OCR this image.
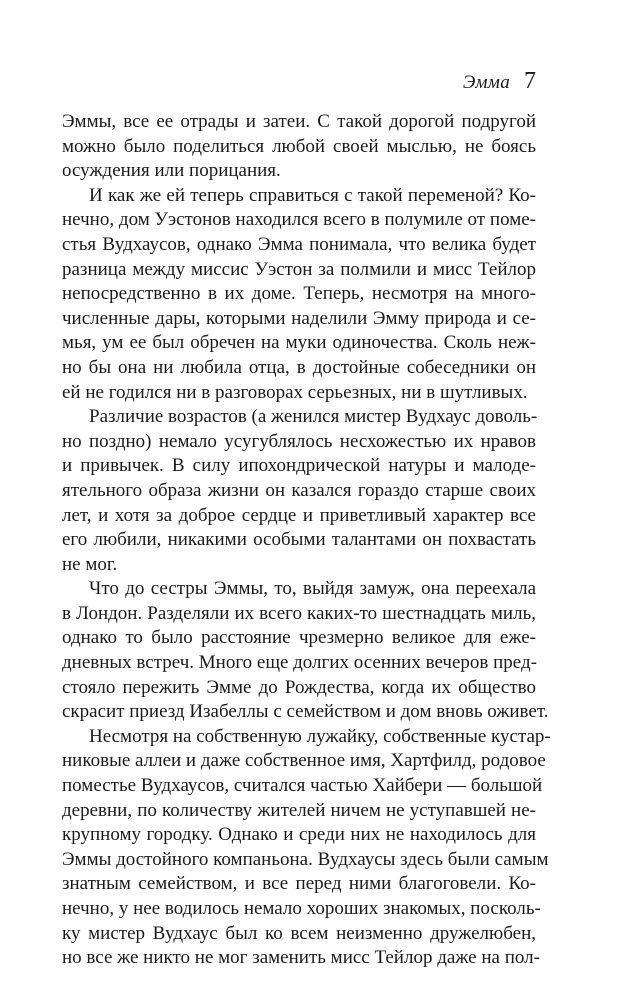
Эмма 7
Эммы, все ее отрады и затеи. С такой дорогой подругой
можно было поделиться любой своей мыслью, не боясь
осуждения или порицания.
И как же ей теперь справиться с такой переменой? Ко-
нечно, дом Уэстонов находился всего в полумиле от поме-
стья Вудхаусов, однако Эмма понимала, что велика будет
разница между миссис Уэстон за полмили и мисс Тейлор
непосредственно в их доме. Теперь, несмотря на много-
численные дары, которыми наделили Эмму природа и се-
мья, ум ее был обречен на муки одиночества. Сколь неж-
но бы она ни любила отца, в достойные собеседники он
ей не годился ни в разговорах серьезных, ни в шутливых.
Различие возрастов (а женился мистер Вудхаус доволь-
но поздно) немало усугублялось несхожестью их нравов
и привычек. В силу ипохондрической натуры и малоде-
ятельного образа жизни он казался гораздо старше своих
лет, и хотя за доброе сердце и приветливый характер все
его любили, никакими особыми талантами он похвастать
не мог.
Что до сестры Эммы, то, выйдя замуж, она переехала
в Лондон. Разделяли их всего каких-то шестнадцать миль,
однако то было расстояние чрезмерно великое для еже-
дневных встреч. Много еще долгих осенних вечеров пред-
стояло пережить Эмме до Рождества, когда их общество
скрасит приезд Изабеллы с семейством и дом вновь оживет.
Несмотря на собственную лужайку, собственные кустар-
никовые аллеи и даже собственное имя, Хартфилд, родовое
поместье Вудхаусов, считался частью Хайбери — большой
деревни, по количеству жителей ничем не уступавшей не-
крупному городку. Однако и среди них не находилось для
Эммы достойного компаньона. Вудхаусы здесь были самым
знатным семейством, и все перед ними благоговели. Ко-
нечно, у нее водилось немало хороших знакомых, посколь-
ку мистер Вудхаус был ко всем неизменно дружелюбен,
но все же никто не мог заменить мисс Тейлор даже на пол-
